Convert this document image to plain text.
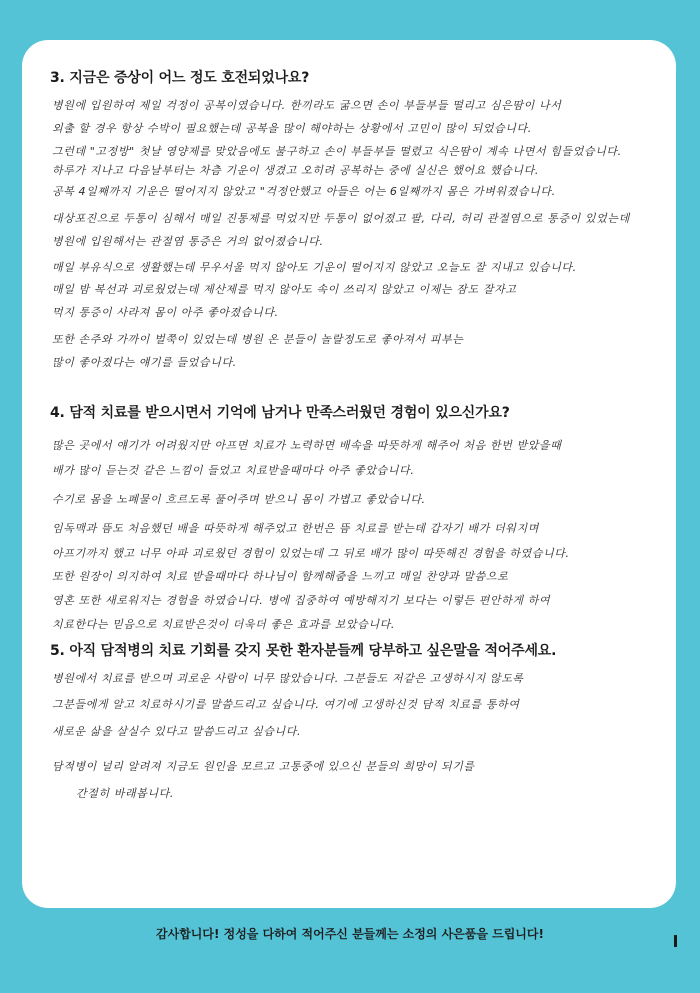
3. 지금은 증상이 어느 정도 호전되었나요?
병원에 입원하여 제일 걱정이 공복이였습니다. 한끼라도 굶으면 손이 부들부들 떨리고 심은땀이 나서
외출 할 경우 항상 수박이 필요했는데 공복을 많이 해야하는 상황에서 고민이 많이 되었습니다.
그런데 "고정방" 첫날 영양제를 맞았음에도 불구하고 손이 부들부들 떨렸고 식은땀이 계속 나면서 힘들었습니다.
하루가 지나고 다음날부터는 차츰 기운이 생겼고 오히려 공복하는 중에 실신은 했어요 했습니다.
공복 4일째까지 기운은 떨어지지 않았고 "걱정안했고 아들은 어는 6일째까지 몸은 가벼워졌습니다.
대상포진으로 두통이 심해서 매일 진통제를 먹었지만 두통이 없어졌고 팔, 다리, 허리 관절염으로 통증이 있었는데
병원에 입원해서는 관절염 통증은 거의 없어졌습니다.
매일 부유식으로 생활했는데 무우서울 먹지 않아도 기운이 떨어지지 않았고 오늘도 잘 지내고 있습니다.
매일 밤 복선과 괴로웠었는데 제산제를 먹지 않아도 속이 쓰리지 않았고 이제는 잠도 잘자고
먹지 통증이 사라져 몸이 아주 좋아졌습니다.
또한 손주와 가까이 벌쭉이 있었는데 병원 온 분들이 놀랄정도로 좋아져서 피부는
많이 좋아졌다는 얘기를 들었습니다.
4. 담적 치료를 받으시면서 기억에 남거나 만족스러웠던 경험이 있으신가요?
많은 곳에서 얘기가 어려웠지만 아프면 치료가 노력하면 배속을 따뜻하게 해주어 처음 한번 받았을때
배가 많이 듣는것 같은 느낌이 들었고 치료받을때마다 아주 좋았습니다.
수기로 몸을 노폐물이 흐르도록 풀어주며 받으니 몸이 가볍고 좋았습니다.
임독맥과 뜸도 처음했던 배을 따뜻하게 해주었고 한번은 뜸 치료를 받는데 갑자기 배가 더워지며
아프기까지 했고 너무 아파 괴로웠던 경험이 있었는데 그 뒤로 배가 많이 따뜻해진 경험을 하였습니다.
또한 원장이 의지하여 치료 받을때마다 하나님이 함께해줌을 느끼고 매일 찬양과 말씀으로
영혼 또한 새로워지는 경험을 하였습니다. 병에 집중하여 예방해지기 보다는 이렇든 편안하게 하여
치료한다는 믿음으로 치료받은것이 더욱더 좋은 효과를 보았습니다.
5. 아직 담적병의 치료 기회를 갖지 못한 환자분들께 당부하고 싶은말을 적어주세요.
병원에서 치료를 받으며 괴로운 사람이 너무 많았습니다. 그분들도 저같은 고생하시지 않도록
그분들에게 알고 치료하시기를 말씀드리고 싶습니다. 여기에 고생하신것 담적 치료를 통하여
새로운 삶을 살실수 있다고 말씀드리고 싶습니다.
담적병이 널리 알려져 지금도 원인을 모르고 고통중에 있으신 분들의 희망이 되기를
간절히 바래봅니다.
감사합니다! 정성을 다하여 적어주신 분들께는 소정의 사은품을 드립니다!
